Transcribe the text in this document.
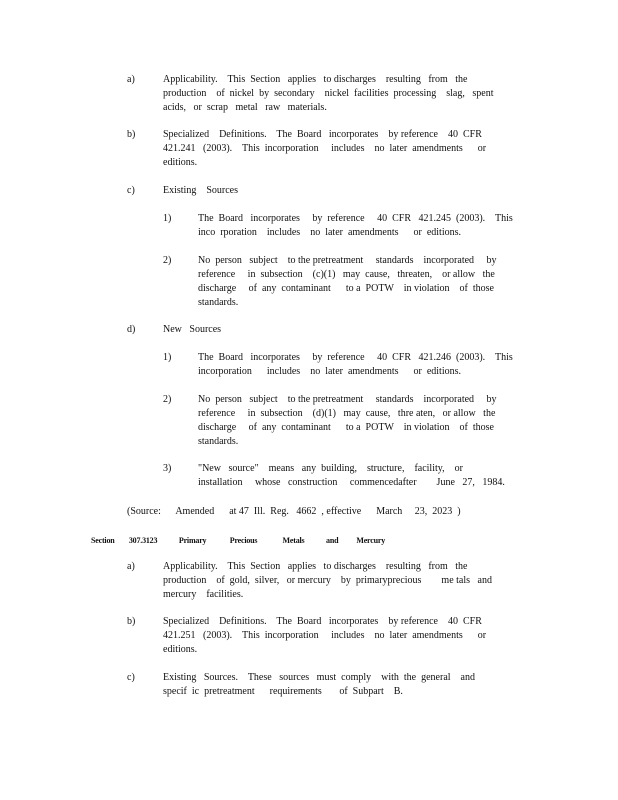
a)	Applicability.    This  Section   applies   to discharges    resulting   from   the

production    of  nickel  by  secondary    nickel  facilities  processing    slag,   spent

acids,   or  scrap   metal   raw   materials.

b)	Specialized    Definitions.    The  Board   incorporates    by reference    40  CFR

421.241   (2003).    This  incorporation     includes    no  later  amendments      or

editions.

c)	Existing    Sources

1)	The  Board   incorporates     by  reference     40  CFR   421.245  (2003).    This

inco  rporation    includes    no  later  amendments      or  editions.

2)	No  person   subject    to the pretreatment     standards    incorporated     by

reference     in  subsection    (c)(1)   may  cause,   threaten,    or allow   the

discharge     of  any  contaminant      to a  POTW    in violation    of  those

standards.

d)	New   Sources

1)	The  Board   incorporates     by  reference     40  CFR   421.246  (2003).    This

incorporation      includes    no  later  amendments      or  editions.

2)	No  person   subject    to the pretreatment     standards    incorporated     by

reference     in  subsection    (d)(1)   may  cause,   thre aten,   or allow   the

discharge     of  any  contaminant      to a  POTW    in violation    of  those

standards.

3)	"New   source"    means   any  building,    structure,    facility,    or

installation     whose   construction     commencedafter        June   27,   1984.

(Source:      Amended      at 47  Ill.  Reg.   4662  , effective      March     23,  2023  )
Section        307.3123            Primary             Precious              Metals            and          Mercury
a)	Applicability.    This  Section   applies   to discharges    resulting   from   the

production    of  gold,  silver,   or mercury    by  primaryprecious        me tals   and

mercury    facilities.

b)	Specialized    Definitions.    The  Board   incorporates    by reference    40  CFR

421.251   (2003).    This  incorporation     includes    no  later  amendments      or

editions.

c)	Existing   Sources.    These   sources   must  comply    with  the  general    and

specif  ic  pretreatment      requirements       of  Subpart    B.
